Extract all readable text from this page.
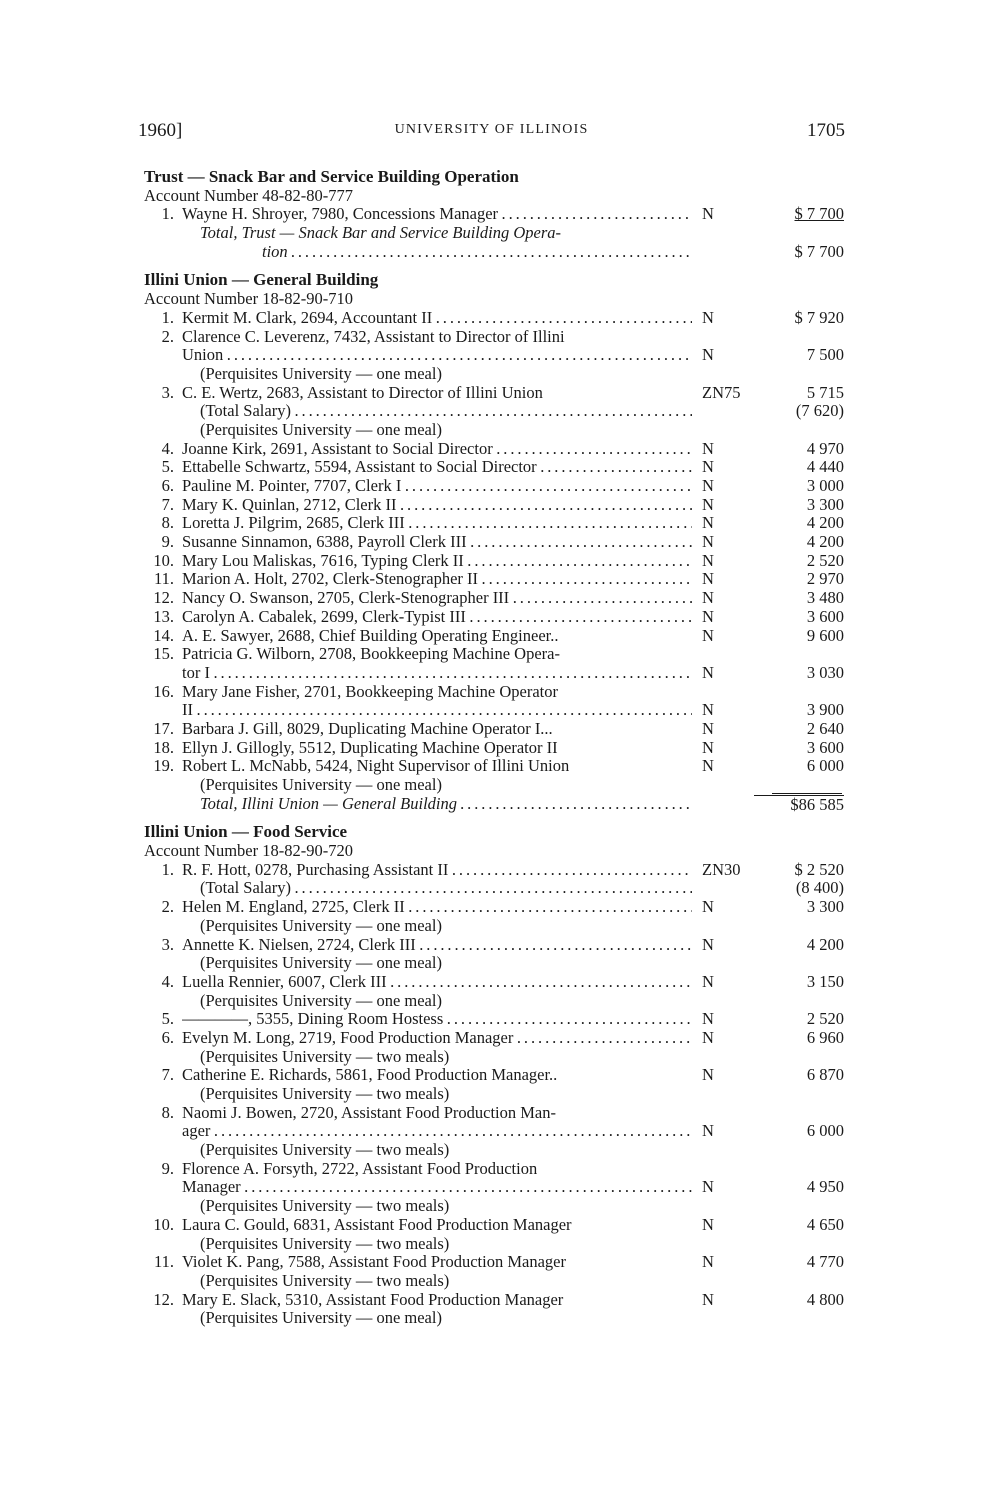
1960]	UNIVERSITY OF ILLINOIS	1705
Trust — Snack Bar and Service Building Operation
Account Number 48-82-80-777
1. Wayne H. Shroyer, 7980, Concessions Manager . . .	N	$ 7 700
Total, Trust — Snack Bar and Service Building Opera-
tion . . .	$ 7 700
Illini Union — General Building
Account Number 18-82-90-710
1. Kermit M. Clark, 2694, Accountant II . . .	N	$ 7 920
2. Clarence C. Leverenz, 7432, Assistant to Director of Illini
Union . . .	N	7 500
(Perquisites University — one meal)
3. C. E. Wertz, 2683, Assistant to Director of Illini Union	ZN75	5 715
(Total Salary) . . .	(7 620)
(Perquisites University — one meal)
4. Joanne Kirk, 2691, Assistant to Social Director . . .	N	4 970
5. Ettabelle Schwartz, 5594, Assistant to Social Director . . .	N	4 440
6. Pauline M. Pointer, 7707, Clerk I . . .	N	3 000
7. Mary K. Quinlan, 2712, Clerk II . . .	N	3 300
8. Loretta J. Pilgrim, 2685, Clerk III . . .	N	4 200
9. Susanne Sinnamon, 6388, Payroll Clerk III . . .	N	4 200
10. Mary Lou Maliskas, 7616, Typing Clerk II . . .	N	2 520
11. Marion A. Holt, 2702, Clerk-Stenographer II . . .	N	2 970
12. Nancy O. Swanson, 2705, Clerk-Stenographer III . . .	N	3 480
13. Carolyn A. Cabalek, 2699, Clerk-Typist III . . .	N	3 600
14. A. E. Sawyer, 2688, Chief Building Operating Engineer..	N	9 600
15. Patricia G. Wilborn, 2708, Bookkeeping Machine Opera-
tor I . . .	N	3 030
16. Mary Jane Fisher, 2701, Bookkeeping Machine Operator
II . . .	N	3 900
17. Barbara J. Gill, 8029, Duplicating Machine Operator I...	N	2 640
18. Ellyn J. Gillogly, 5512, Duplicating Machine Operator II	N	3 600
19. Robert L. McNabb, 5424, Night Supervisor of Illini Union	N	6 000
(Perquisites University — one meal)
Total, Illini Union — General Building . . .	$86 585
Illini Union — Food Service
Account Number 18-82-90-720
1. R. F. Hott, 0278, Purchasing Assistant II . . .	ZN30	$ 2 520
(Total Salary) . . .	(8 400)
2. Helen M. England, 2725, Clerk II . . .	N	3 300
(Perquisites University — one meal)
3. Annette K. Nielsen, 2724, Clerk III . . .	N	4 200
(Perquisites University — one meal)
4. Luella Rennier, 6007, Clerk III . . .	N	3 150
(Perquisites University — one meal)
5. ————, 5355, Dining Room Hostess . . .	N	2 520
6. Evelyn M. Long, 2719, Food Production Manager . . .	N	6 960
(Perquisites University — two meals)
7. Catherine E. Richards, 5861, Food Production Manager..	N	6 870
(Perquisites University — two meals)
8. Naomi J. Bowen, 2720, Assistant Food Production Man-
ager . . .	N	6 000
(Perquisites University — two meals)
9. Florence A. Forsyth, 2722, Assistant Food Production
Manager . . .	N	4 950
(Perquisites University — two meals)
10. Laura C. Gould, 6831, Assistant Food Production Manager	N	4 650
(Perquisites University — two meals)
11. Violet K. Pang, 7588, Assistant Food Production Manager	N	4 770
(Perquisites University — two meals)
12. Mary E. Slack, 5310, Assistant Food Production Manager	N	4 800
(Perquisites University — one meal)
